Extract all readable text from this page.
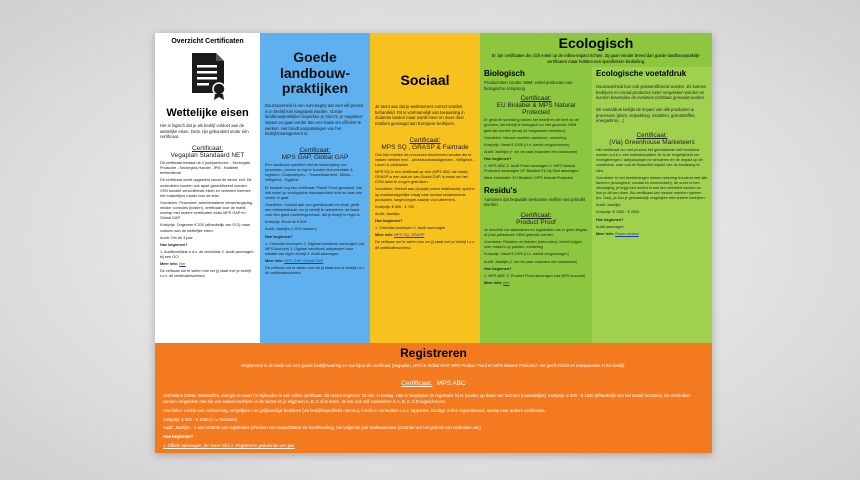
Overzicht Certificaten
Wettelijke eisen
Het is logisch dat je als bedrijf voldoet aan de wettelijke eisen. Deze zijn gebundeld onder één certificaat.
Certificaat:
Vegaplan Standaard NET
Dit certificaat bestaat uit 4 (sub)sectoren: - Sectorgids Productie - Sectorgids Handel - IPM - Kwaliteit teeltmaterial
Dit certificaat wordt opgesteld vanuit de sector zelf. De onderdelen kunnen ook apart gecertificeerd worden. VSN bundelt verschillende eisen en verbetert hiermee het makkelijker maakt voor de teler.
Voordelen: Financieel, administratieve verwerkingsdag, minder controles (kosten), certificaat voor de markt, overlap met andere certificaten zoals MPS GAP en Global GAP.
Kostprijs: Ongeveer € 200 (afhankelijk van OCI) maar voldoen aan de wettelijke eisen.
Audit: Om de 3 jaar
Hoe beginnen?
1. Auditeurelijste e.d.v. de checklists 2. Audit aanvragen bij een OCI
Meer info: hier
De zelfscan om te weten hoe ver jij staat met je bedrijf t.o.v. dit certificatieschema.
Goede landbouw-praktijken
Duurzaamheid is een ruim begrip dat voor elk proces in je bedrijf kan toegepast worden. Goede landbouwpraktijken beperken je risico's, je negatieve impact en gaan verder dan een basis om efficiënt te werken. Het houdt aanpassingen van het bedrijfsmanagement in.
Certificaat:
MPS GAP, Global GAP
Een handboek opstellen met de beschrijving van processen, proces en log te houden documentatie & registers. Onderwerpen: - Traceerbaarheid - Milieu - Veiligheid - Hygiëne
Er bestaat nog een certificaat, Planet Proof genaamd, dat ook enkel op ecologische duurzaamheid richt en daar iets verder in gaat.
Voordelen: Voldoet aan een grondhandel en retail, geeft een referentiekader om je bedrijf te verbeteren, de basis voor een goed marketingverhaal, dat je bedrijf in regel is.
Kostprijs: Rond de € 800
Audit: Jaarlijks (+10% random)
Hoe beginnen?
1. Checklist doorlopen 2. Digitaal handboek aanvragen (via MPS Account) 3. Digitaal handboek aanpassen naar situatie van eigen bedrijf 4. Audit aanvragen
Meer info: MPS GAP, Global GAP
De zelfscan om te weten hoe ver jij staat met je bedrijf t.o.v. dit certificatieschema.
Sociaal
Je toont aan dat je werknemers correct worden behandeld. Dit is voornamelijk van toepassing in Zuiderse landen maar wordt meer en meer door retailers gevraagd aan Europese bedrijven.
Certificaat:
MPS SQ , GRASP & Fairtrade
Ook hier moeten de processen beschreven worden die te maken hebben met: - Arbeidsomstandigheden - Veiligheid - Lonen & contracten
MPS SQ is een certificaat op zich (MPS ABC als basis). GRASP is een add-on van Global GAP, is enkel om het GGN-label te mogen gebruiken.
Voordelen: Voldoet aan (sociale) eisen retailhandel, spelt in op maatschappelijke vraag naar sociaal verantwoorde producten, toegevoegde waarde voor afnemers.
Kostprijs: € 600 - € 700
Audit: Jaarlijks
Hoe beginnen?
1. Checklist doorlopen 2. Audit aanvragen
Meer info: MPS SQ, GRASP
De zelfscan om te weten hoe ver jij staat met je bedrijf t.o.v. dit certificatieschema.
Ecologisch
Er zijn certificaten die zich enkel op de milieu-impact richten. Zij gaan minder breed dan goede landbouwpraktijk-certificaten maar hebben een specifiekere bedoeling.
Biologisch
Producenten zonder GBM: enkel producten van biologische oorsprong
Certificaat:
EU Biolabel & MPS Natural Protected
Er geldt de scheiding tussen het bedrijf en de teelt op de gronden, het bedrijf is biologisch en niet gezonde GBM gebruikt worden (tenzij de toegestane middelen).
Voordelen: Nieuwe markten aanboren, marketing
Kostprijs: Vanaf € 1000 (i.f.v. aantal vergunnieuwe)
Audit: Jaarlijks (+ om de paar maanden een staalname)
Hoe beginnen?
1. MPS-ABC 2. Audit Proef aanvragen 3. MPS Natural Protected aanvragen OF Biolabel EU bij Skal aanvragen
Meer informatie: EU Biolabel, MPS Natural Protected
Residu's
Aantonen dat bepaalde werkzame stoffen niet gebruikt worden.
Certificaat:
Product Proof
Je beschikt via staalnames en registraties dat er geen illegale of (niet-)aflaatbare GBM gebruikt worden.
Voordelen: Retailers en klanten (behouden), inzicht krijgen over residu's op planten, marketing
Kostprijs: Vanaf € 1500 (i.f.v. aantal vergunningen)
Audit: Jaarlijks (+ om de paar maanden een staalname)
Hoe beginnen?
1. MPS-ABC 2. Product Proof aanvragen (via MPS Account)
Meer info: hier
Ecologische voetafdruk
Duurzaamheid kan ook gekwantificeerd worden. Zo kunnen bedrijven en vooral producten beter vergeleken worden en kunnen bovendien de evoluties zichtbaar gemaakt worden.
De voetafdruk bekijkt de impact van alle producten & processen (plant, verpakking, middelen, grondstoffen, energiebron,...)
Certificaat:
(Via) Greenhouse Marketeers
Het certificaat om met product het gerelateerde zelf berekend worden a.d.h.v. een softwarepakket. Er is de mogelijkheid om invesgteringen / aanpassingen te simuleren en de impact op de voetafdruk, naar ook de financiële impact van de beslissing te zien.
Voordelen: In het berekeningen nemen rekening houdend met alle factoren (ecologisch, sociaal en economisch), de score is een uitnodiging, je krijgt een inzicht in wat hen verbetert worden en hoe je dit kan doen. Als certificaat kan nieuwe markten openen (bv. Gaa), je kan je gemakkelijk vergelijken met andere bedrijven.
Audit: Jaarlijks
Kostprijs: € 1500 - € 2500
Hoe beginnen?
Audit aanvragen
Meer info: Room contact
Registreren
Registreren is de basis van een goede bedrijfsvoering en van bijna elk certificaat (Vegaplan, MPS & Global GAP, MPS Product Proof en MPS Natural Protected. Het geeft inzicht en transparantie in het bedrijf.
Certificaat: MPS ABC
Verbruiken (GBM, meststoffen, energie en water) in bijhouden in een online certificaat. Dit neemt ongeveer 15 min. in beslag. Hoe is toegelaten de registratie bij te houden op basis van facturen (maandelijks). Kostprijs: € 800 - € 1500 (afhankelijk van het aantal hectares). De verbruiken worden vergeleken met die van andere bedrijven in de sector en je krijgt een A, B, C of D score. Je kan ook zelf controleren in A, B, C of D ingeschreven.
Voordelen: Inzicht van roeifomnrag, vergelijken met gelijkaardige bedrijven (via bedrijfsspecifieke normen), inzicht in verbruiken o.b.v. rapporten, handige online registratietool, opstap naar andere certificaten.
Kostprijs: € 600 - € 1000 (i.f.v. hectares)
Audit: Jaarlijks - 1 van controle van registraties (checken van maandstaten via boekhouding), het volgende jaar tradmaatname (controle van het gebruik van verbruiken etc)
Hoe beginnen?
1. Offerte aanvragen, (en meer info) 2. Registreren gedurende een jaar
